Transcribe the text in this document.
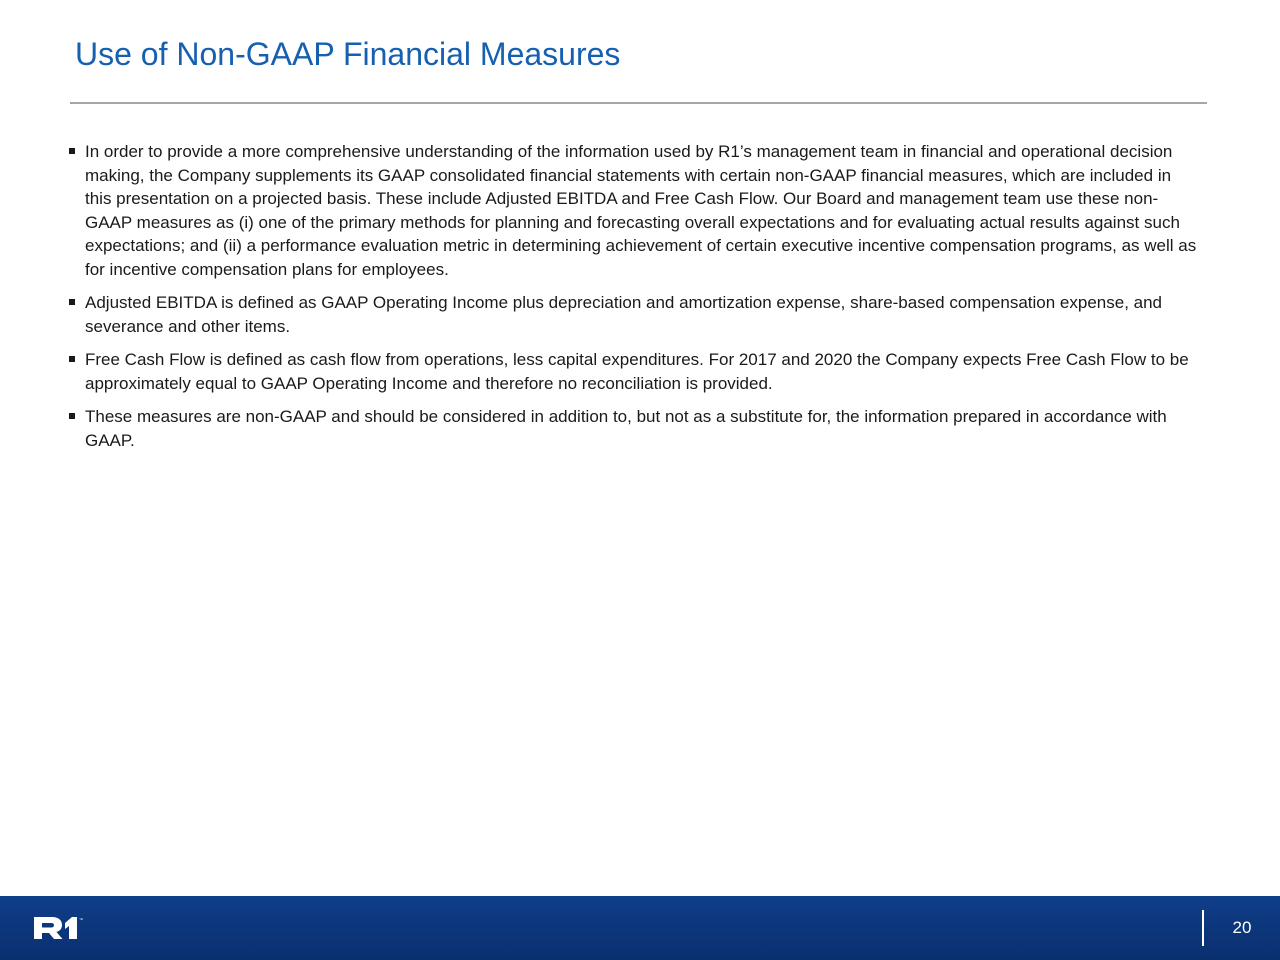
Use of Non-GAAP Financial Measures
In order to provide a more comprehensive understanding of the information used by R1’s management team in financial and operational decision making, the Company supplements its GAAP consolidated financial statements with certain non-GAAP financial measures, which are included in this presentation on a projected basis. These include Adjusted EBITDA and Free Cash Flow. Our Board and management team use these non-GAAP measures as (i) one of the primary methods for planning and forecasting overall expectations and for evaluating actual results against such expectations; and (ii) a performance evaluation metric in determining achievement of certain executive incentive compensation programs, as well as for incentive compensation plans for employees.
Adjusted EBITDA is defined as GAAP Operating Income plus depreciation and amortization expense, share-based compensation expense, and severance and other items.
Free Cash Flow is defined as cash flow from operations, less capital expenditures. For 2017 and 2020 the Company expects Free Cash Flow to be approximately equal to GAAP Operating Income and therefore no reconciliation is provided.
These measures are non-GAAP and should be considered in addition to, but not as a substitute for, the information prepared in accordance with GAAP.
™	20
